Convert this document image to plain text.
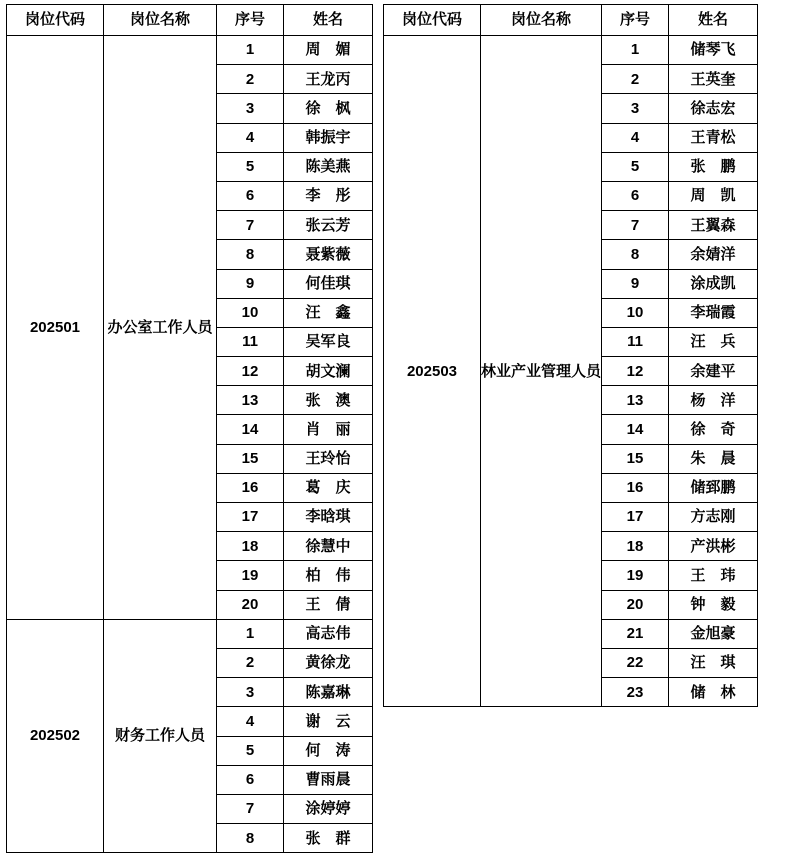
岗位代码	岗位名称	序号	姓名
202501	办公室工作人员	1	周　媚
		2	王龙丙
		3	徐　枫
		4	韩振宇
		5	陈美燕
		6	李　彤
		7	张云芳
		8	聂紫薇
		9	何佳琪
		10	汪　鑫
		11	吴军良
		12	胡文澜
		13	张　澳
		14	肖　丽
		15	王玲怡
		16	葛　庆
		17	李晗琪
		18	徐慧中
		19	柏　伟
		20	王　倩
202502	财务工作人员	1	高志伟
		2	黄徐龙
		3	陈嘉琳
		4	谢　云
		5	何　涛
		6	曹雨晨
		7	涂婷婷
		8	张　群
岗位代码	岗位名称	序号	姓名
202503	林业产业管理人员	1	储琴飞
		2	王英奎
		3	徐志宏
		4	王青松
		5	张　鹏
		6	周　凯
		7	王翼森
		8	余婧洋
		9	涂成凯
		10	李瑞霞
		11	汪　兵
		12	余建平
		13	杨　洋
		14	徐　奇
		15	朱　晨
		16	储郅鹏
		17	方志刚
		18	产洪彬
		19	王　玮
		20	钟　毅
		21	金旭豪
		22	汪　琪
		23	储　林
